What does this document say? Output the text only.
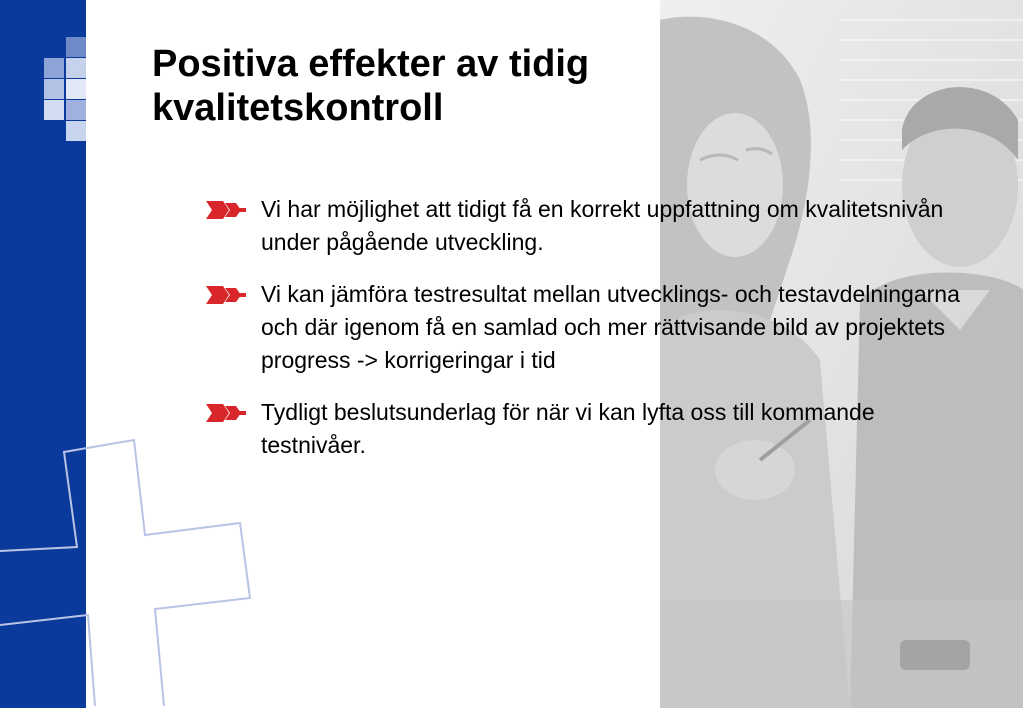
Positiva effekter av tidig kvalitetskontroll
Vi har möjlighet att tidigt få en korrekt uppfattning om kvalitetsnivån under pågående utveckling.
Vi kan jämföra testresultat mellan utvecklings- och testavdelningarna och där igenom få en samlad och mer rättvisande bild av projektets progress -> korrigeringar i tid
Tydligt beslutsunderlag för när vi kan lyfta oss till kommande testnivåer.
